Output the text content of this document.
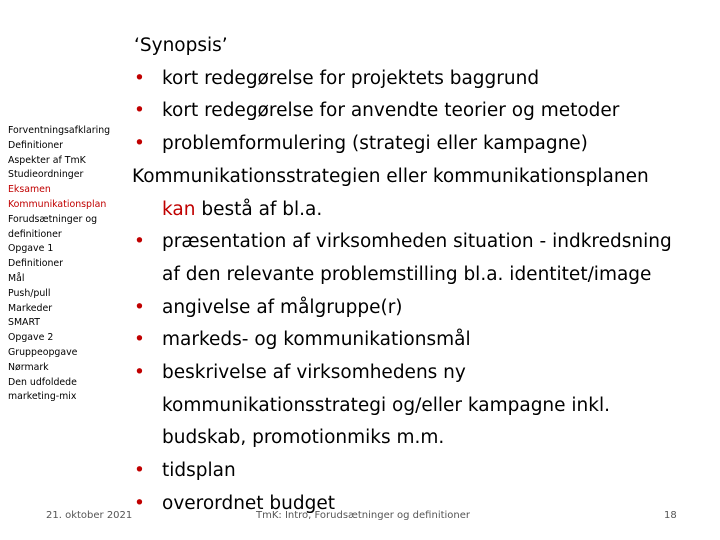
Forventningsafklaring
Definitioner
Aspekter af TmK
Studieordninger
Eksamen
Kommunikationsplan
Forudsætninger og definitioner
Opgave 1
Definitioner
Mål
Push/pull
Markeder
SMART
Opgave 2
Gruppeopgave
Nørmark
Den udfoldede marketing-mix
21. oktober 2021

‘Synopsis’

• kort redegørelse for projektets baggrund

• kort redegørelse for anvendte teorier og metoder

• problemformulering (strategi eller kampagne)

Kommunikationsstrategien eller kommunikationsplanen

kan bestå af bl.a.

• præsentation af virksomheden situation - indkredsning

af den relevante problemstilling bl.a. identitet/image

• angivelse af målgruppe(r)

• markeds- og kommunikationsmål

• beskrivelse af virksomhedens ny

kommunikationsstrategi og/eller kampagne inkl.

budskab, promotionmiks m.m.

• tidsplan

• overordnet budget

TmK: Intro, Forudsætninger og definitioner	18
